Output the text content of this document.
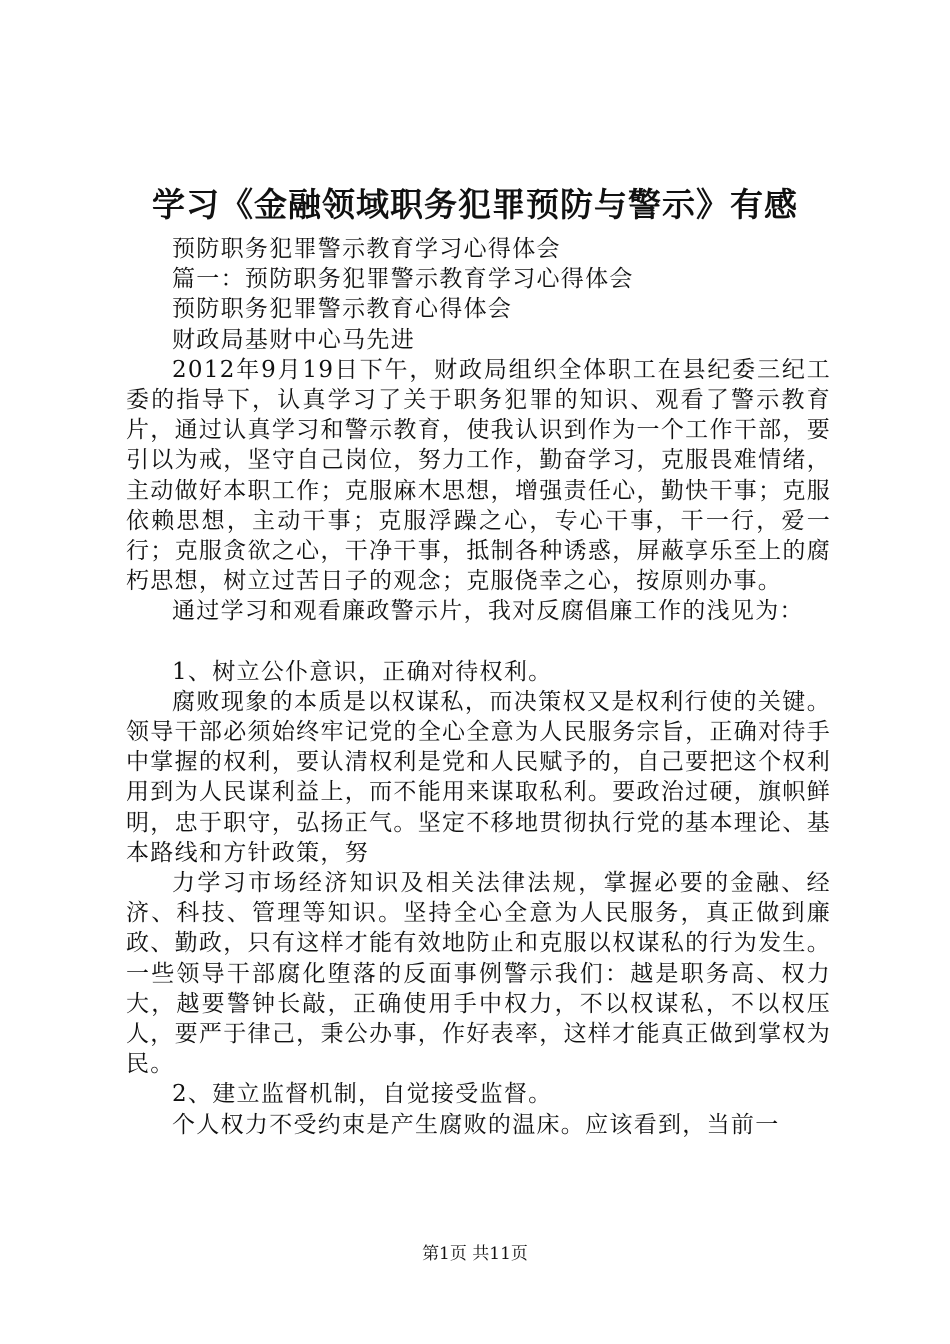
学习《金融领域职务犯罪预防与警示》有感

预防职务犯罪警示教育学习心得体会

篇一：预防职务犯罪警示教育学习心得体会

预防职务犯罪警示教育心得体会

财政局基财中心马先进

2012年9月19日下午，财政局组织全体职工在县纪委三纪工委的指导下，认真学习了关于职务犯罪的知识、观看了警示教育片，通过认真学习和警示教育，使我认识到作为一个工作干部，要引以为戒，坚守自己岗位，努力工作，勤奋学习，克服畏难情绪，主动做好本职工作；克服麻木思想，增强责任心，勤快干事；克服依赖思想，主动干事；克服浮躁之心，专心干事，干一行，爱一行；克服贪欲之心，干净干事，抵制各种诱惑，屏蔽享乐至上的腐朽思想，树立过苦日子的观念；克服侥幸之心，按原则办事。

通过学习和观看廉政警示片，我对反腐倡廉工作的浅见为：

1、树立公仆意识，正确对待权利。

腐败现象的本质是以权谋私，而决策权又是权利行使的关键。领导干部必须始终牢记党的全心全意为人民服务宗旨，正确对待手中掌握的权利，要认清权利是党和人民赋予的，自己要把这个权利用到为人民谋利益上，而不能用来谋取私利。要政治过硬，旗帜鲜明，忠于职守，弘扬正气。坚定不移地贯彻执行党的基本理论、基本路线和方针政策，努

力学习市场经济知识及相关法律法规，掌握必要的金融、经济、科技、管理等知识。坚持全心全意为人民服务，真正做到廉政、勤政，只有这样才能有效地防止和克服以权谋私的行为发生。一些领导干部腐化堕落的反面事例警示我们：越是职务高、权力大，越要警钟长敲，正确使用手中权力，不以权谋私，不以权压人，要严于律己，秉公办事，作好表率，这样才能真正做到掌权为民。

2、建立监督机制，自觉接受监督。

个人权力不受约束是产生腐败的温床。应该看到，当前一

第1页 共11页
